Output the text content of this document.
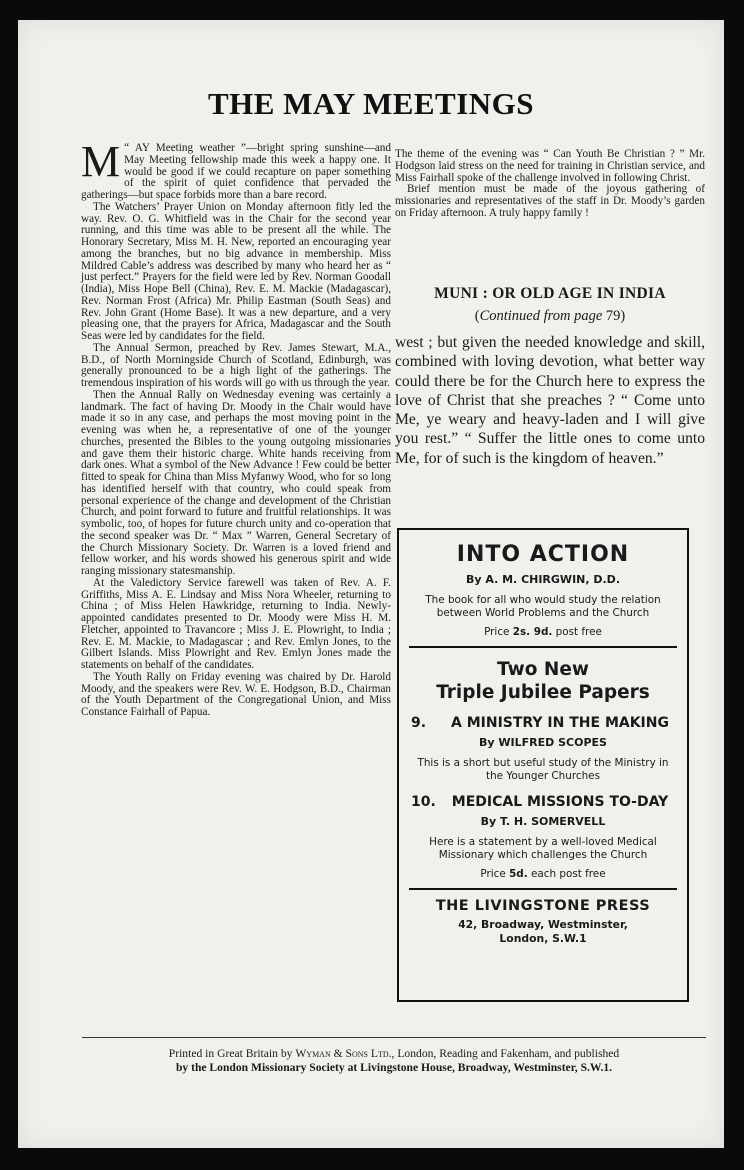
THE MAY MEETINGS

M “ AY Meeting weather ”—bright spring sunshine—and May Meeting fellowship made this week a happy one. It would be good if we could recapture on paper something of the spirit of quiet confidence that pervaded the gatherings—but space forbids more than a bare record.

The Watchers’ Prayer Union on Monday afternoon fitly led the way. Rev. O. G. Whitfield was in the Chair for the second year running, and this time was able to be present all the while. The Honorary Secretary, Miss M. H. New, reported an encouraging year among the branches, but no big advance in membership. Miss Mildred Cable’s address was described by many who heard her as “ just perfect.” Prayers for the field were led by Rev. Norman Goodall (India), Miss Hope Bell (China), Rev. E. M. Mackie (Madagascar), Rev. Norman Frost (Africa) Mr. Philip Eastman (South Seas) and Rev. John Grant (Home Base). It was a new departure, and a very pleasing one, that the prayers for Africa, Madagascar and the South Seas were led by candidates for the field.

The Annual Sermon, preached by Rev. James Stewart, M.A., B.D., of North Morningside Church of Scotland, Edinburgh, was generally pronounced to be a high light of the gatherings. The tremendous inspiration of his words will go with us through the year.

Then the Annual Rally on Wednesday evening was certainly a landmark. The fact of having Dr. Moody in the Chair would have made it so in any case, and perhaps the most moving point in the evening was when he, a representative of one of the younger churches, presented the Bibles to the young outgoing missionaries and gave them their historic charge. White hands receiving from dark ones. What a symbol of the New Advance ! Few could be better fitted to speak for China than Miss Myfanwy Wood, who for so long has identified herself with that country, who could speak from personal experience of the change and development of the Christian Church, and point forward to future and fruitful relationships. It was symbolic, too, of hopes for future church unity and co-operation that the second speaker was Dr. “ Max ” Warren, General Secretary of the Church Missionary Society. Dr. Warren is a loved friend and fellow worker, and his words showed his generous spirit and wide ranging missionary statesmanship.

At the Valedictory Service farewell was taken of Rev. A. F. Griffiths, Miss A. E. Lindsay and Miss Nora Wheeler, returning to China ; of Miss Helen Hawkridge, returning to India. Newly-appointed candidates presented to Dr. Moody were Miss H. M. Fletcher, appointed to Travancore ; Miss J. E. Plowright, to India ; Rev. E. M. Mackie, to Madagascar ; and Rev. Emlyn Jones, to the Gilbert Islands. Miss Plowright and Rev. Emlyn Jones made the statements on behalf of the candidates.

The Youth Rally on Friday evening was chaired by Dr. Harold Moody, and the speakers were Rev. W. E. Hodgson, B.D., Chairman of the Youth Department of the Congregational Union, and Miss Constance Fairhall of Papua.

The theme of the evening was “ Can Youth Be Christian ? ” Mr. Hodgson laid stress on the need for training in Christian service, and Miss Fairhall spoke of the challenge involved in following Christ.

Brief mention must be made of the joyous gathering of missionaries and representatives of the staff in Dr. Moody’s garden on Friday afternoon. A truly happy family !

MUNI : OR OLD AGE IN INDIA

(Continued from page 79)

west ; but given the needed knowledge and skill, combined with loving devotion, what better way could there be for the Church here to express the love of Christ that she preaches ? “ Come unto Me, ye weary and heavy-laden and I will give you rest.” “ Suffer the little ones to come unto Me, for of such is the kingdom of heaven.”

INTO ACTION
By A. M. CHIRGWIN, D.D.
The book for all who would study the relation between World Problems and the Church
Price 2s. 9d. post free
Two New
Triple Jubilee Papers
9.	A MINISTRY IN THE MAKING
By WILFRED SCOPES
This is a short but useful study of the Ministry in the Younger Churches
10.	MEDICAL MISSIONS TO-DAY
By T. H. SOMERVELL
Here is a statement by a well-loved Medical Missionary which challenges the Church
Price 5d. each post free
THE LIVINGSTONE PRESS
42, Broadway, Westminster,
London, S.W.1

Printed in Great Britain by Wyman & Sons Ltd., London, Reading and Fakenham, and published
by the London Missionary Society at Livingstone House, Broadway, Westminster, S.W.1.
